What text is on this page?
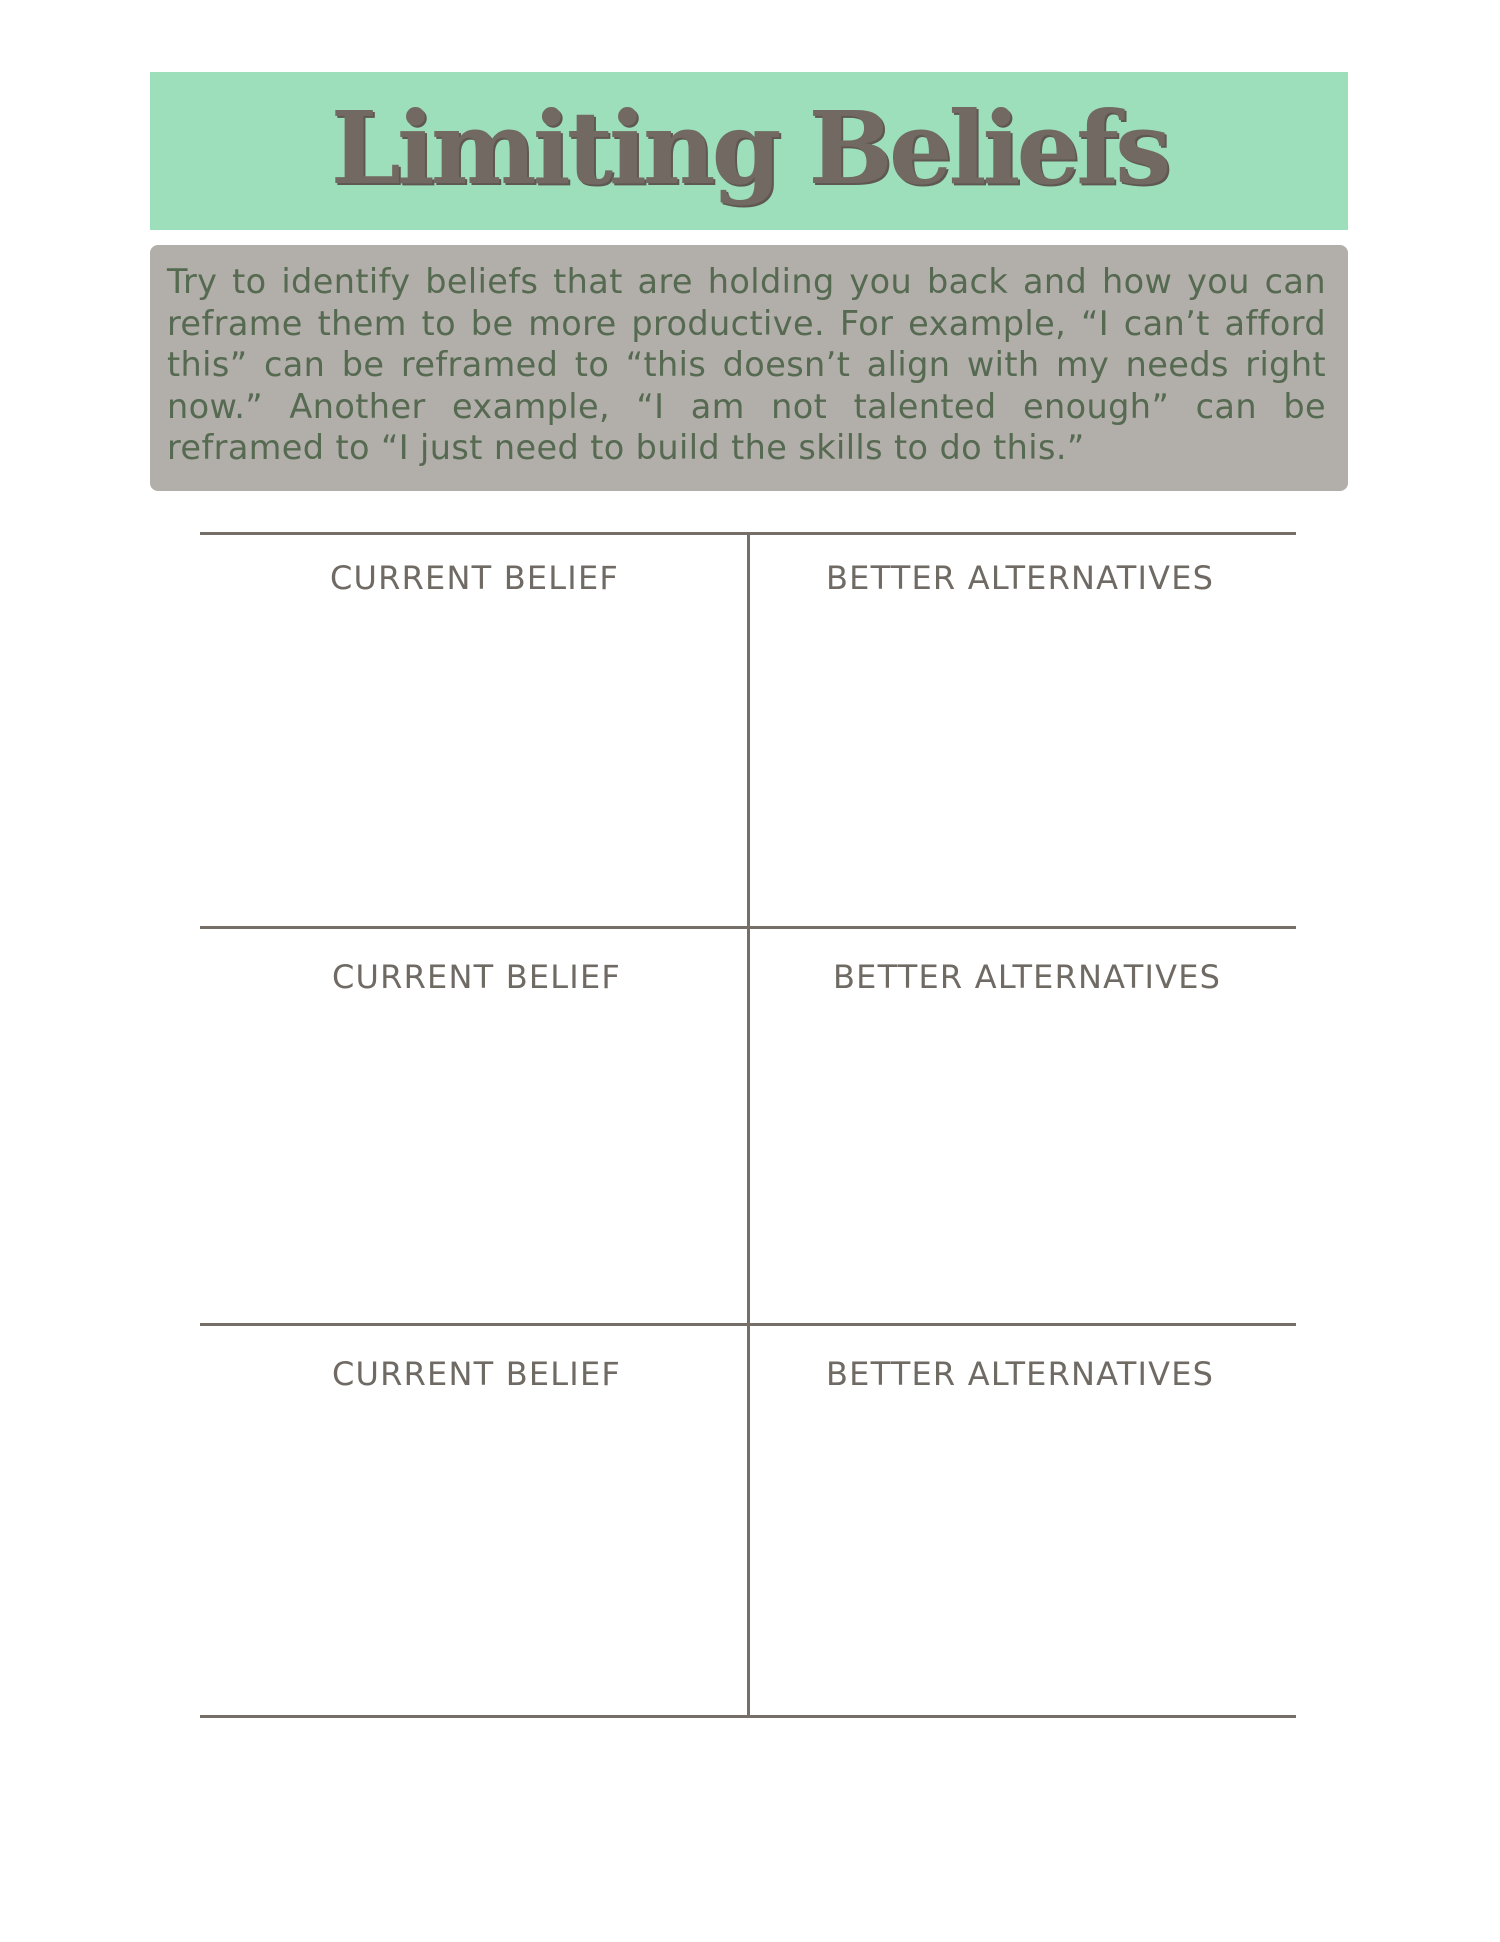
Limiting Beliefs

Try to identify beliefs that are holding you back and how you can reframe them to be more productive. For example, “I can’t afford this” can be reframed to “this doesn’t align with my needs right now.” Another example, “I am not talented enough” can be reframed to “I just need to build the skills to do this.”

CURRENT BELIEF	BETTER ALTERNATIVES
CURRENT BELIEF	BETTER ALTERNATIVES
CURRENT BELIEF	BETTER ALTERNATIVES
